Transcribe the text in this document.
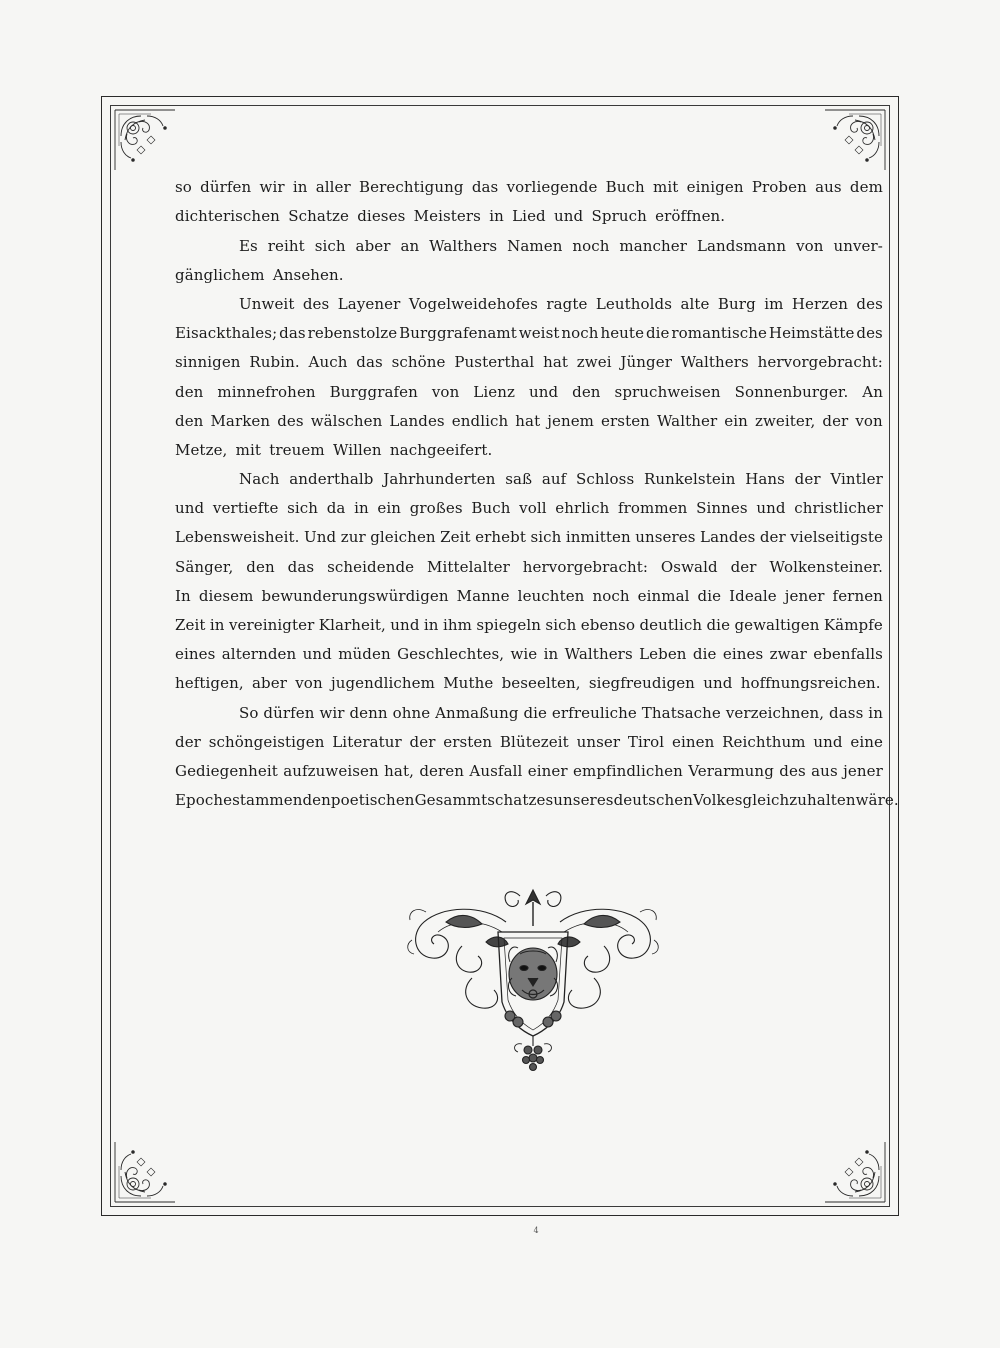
so dürfen wir in aller Berechtigung das vorliegende Buch mit einigen Proben aus dem
dichterischen Schatze dieses Meisters in Lied und Spruch eröffnen.
Es reiht sich aber an Walthers Namen noch mancher Landsmann von unver-
gänglichem Ansehen.
Unweit des Layener Vogelweidehofes ragte Leutholds alte Burg im Herzen des
Eisackthales; das rebenstolze Burggrafenamt weist noch heute die romantische Heimstätte des
sinnigen Rubin. Auch das schöne Pusterthal hat zwei Jünger Walthers hervorgebracht:
den minnefrohen Burggrafen von Lienz und den spruchweisen Sonnenburger. An
den Marken des wälschen Landes endlich hat jenem ersten Walther ein zweiter, der von
Metze, mit treuem Willen nachgeeifert.
Nach anderthalb Jahrhunderten saß auf Schloss Runkelstein Hans der Vintler
und vertiefte sich da in ein großes Buch voll ehrlich frommen Sinnes und christlicher
Lebensweisheit. Und zur gleichen Zeit erhebt sich inmitten unseres Landes der vielseitigste
Sänger, den das scheidende Mittelalter hervorgebracht: Oswald der Wolkensteiner.
In diesem bewunderungswürdigen Manne leuchten noch einmal die Ideale jener fernen
Zeit in vereinigter Klarheit, und in ihm spiegeln sich ebenso deutlich die gewaltigen Kämpfe
eines alternden und müden Geschlechtes, wie in Walthers Leben die eines zwar ebenfalls
heftigen, aber von jugendlichem Muthe beseelten, siegfreudigen und hoffnungsreichen.
So dürfen wir denn ohne Anmaßung die erfreuliche Thatsache verzeichnen, dass in
der schöngeistigen Literatur der ersten Blütezeit unser Tirol einen Reichthum und eine
Gediegenheit aufzuweisen hat, deren Ausfall einer empfindlichen Verarmung des aus jener
Epoche stammenden poetischen Gesammtschatzes unseres deutschen Volkes gleichzuhalten wäre.
4
